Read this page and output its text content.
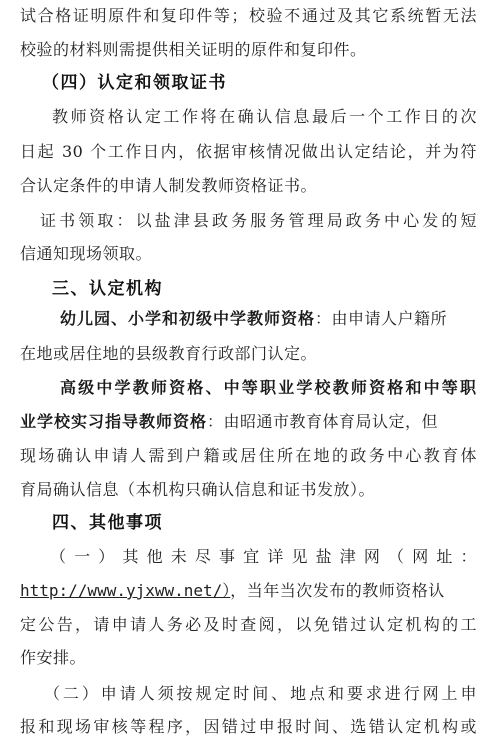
试合格证明原件和复印件等；校验不通过及其它系统暂无法
校验的材料则需提供相关证明的原件和复印件。
（四）认定和领取证书
教师资格认定工作将在确认信息最后一个工作日的次
日起 30 个工作日内，依据审核情况做出认定结论，并为符
合认定条件的申请人制发教师资格证书。
证书领取：以盐津县政务服务管理局政务中心发的短
信通知现场领取。
三、认定机构
幼儿园、小学和初级中学教师资格：由申请人户籍所
在地或居住地的县级教育行政部门认定。
高级中学教师资格、中等职业学校教师资格和中等职
业学校实习指导教师资格：由昭通市教育体育局认定，但
现场确认申请人需到户籍或居住所在地的政务中心教育体
育局确认信息（本机构只确认信息和证书发放）。
四、其他事项
（一）其他未尽事宜详见盐津网（网址：
http://www.yjxww.net/），当年当次发布的教师资格认
定公告，请申请人务必及时查阅，以免错过认定机构的工
作安排。
（二）申请人须按规定时间、地点和要求进行网上申
报和现场审核等程序，因错过申报时间、选错认定机构或
